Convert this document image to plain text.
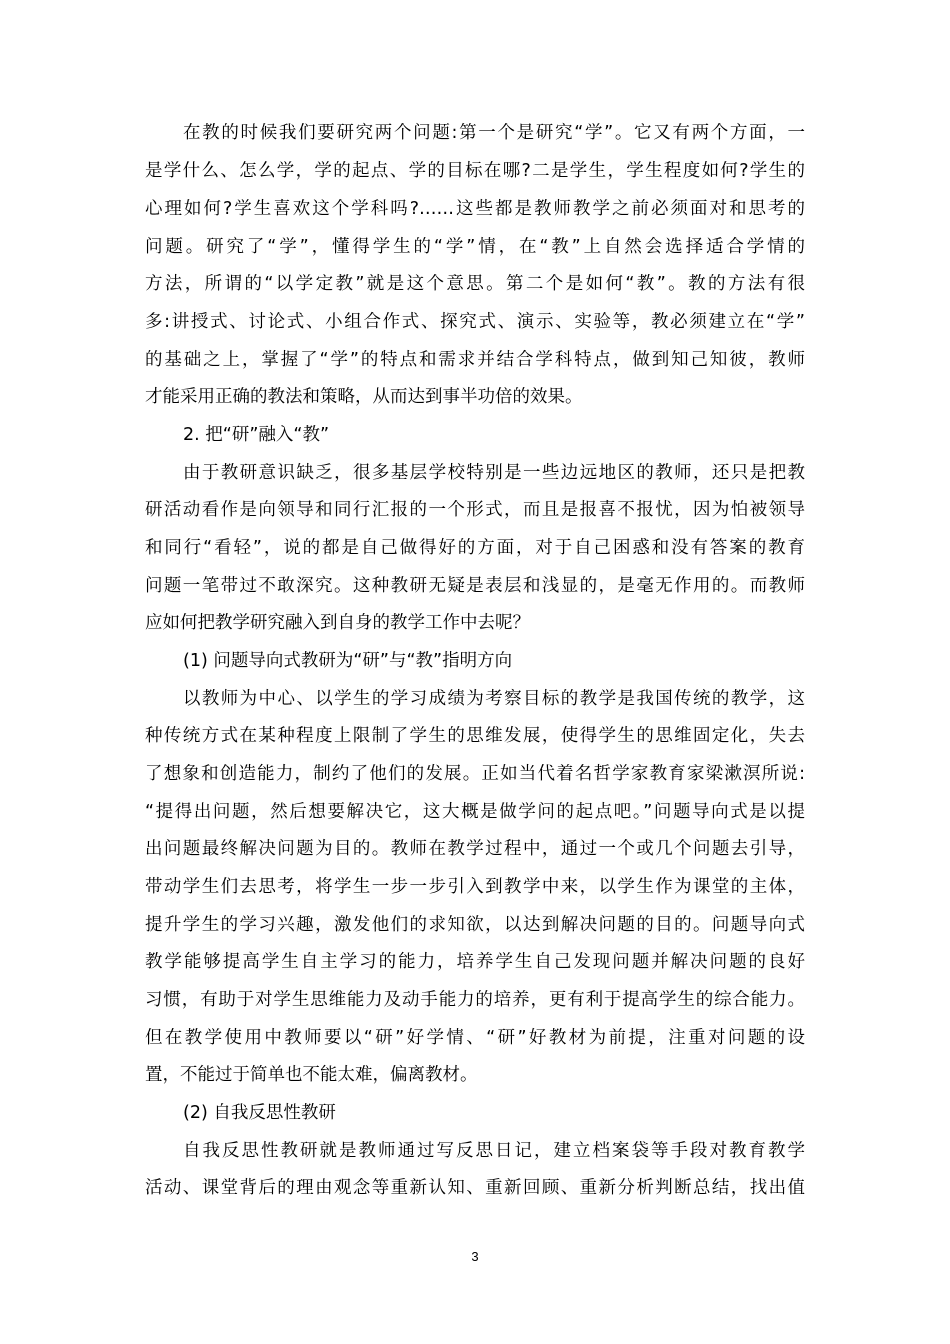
在教的时候我们要研究两个问题:第一个是研究“学”。它又有两个方面，一
是学什么、怎么学，学的起点、学的目标在哪?二是学生，学生程度如何?学生的
心理如何?学生喜欢这个学科吗?……这些都是教师教学之前必须面对和思考的
问题。研究了“学”，懂得学生的“学”情，在“教”上自然会选择适合学情的
方法，所谓的“以学定教”就是这个意思。第二个是如何“教”。教的方法有很
多:讲授式、讨论式、小组合作式、探究式、演示、实验等，教必须建立在“学”
的基础之上，掌握了“学”的特点和需求并结合学科特点，做到知己知彼，教师
才能采用正确的教法和策略，从而达到事半功倍的效果。
2. 把“研”融入“教”
由于教研意识缺乏，很多基层学校特别是一些边远地区的教师，还只是把教
研活动看作是向领导和同行汇报的一个形式，而且是报喜不报忧，因为怕被领导
和同行“看轻”，说的都是自己做得好的方面，对于自己困惑和没有答案的教育
问题一笔带过不敢深究。这种教研无疑是表层和浅显的，是毫无作用的。而教师
应如何把教学研究融入到自身的教学工作中去呢？
(1) 问题导向式教研为“研”与“教”指明方向
以教师为中心、以学生的学习成绩为考察目标的教学是我国传统的教学，这
种传统方式在某种程度上限制了学生的思维发展，使得学生的思维固定化，失去
了想象和创造能力，制约了他们的发展。正如当代着名哲学家教育家梁漱溟所说:
“提得出问题，然后想要解决它，这大概是做学问的起点吧。”问题导向式是以提
出问题最终解决问题为目的。教师在教学过程中，通过一个或几个问题去引导，
带动学生们去思考，将学生一步一步引入到教学中来，以学生作为课堂的主体，
提升学生的学习兴趣，激发他们的求知欲，以达到解决问题的目的。问题导向式
教学能够提高学生自主学习的能力，培养学生自己发现问题并解决问题的良好
习惯，有助于对学生思维能力及动手能力的培养，更有利于提高学生的综合能力。
但在教学使用中教师要以“研”好学情、“研”好教材为前提，注重对问题的设
置，不能过于简单也不能太难，偏离教材。
(2) 自我反思性教研
自我反思性教研就是教师通过写反思日记，建立档案袋等手段对教育教学
活动、课堂背后的理由观念等重新认知、重新回顾、重新分析判断总结，找出值
3
